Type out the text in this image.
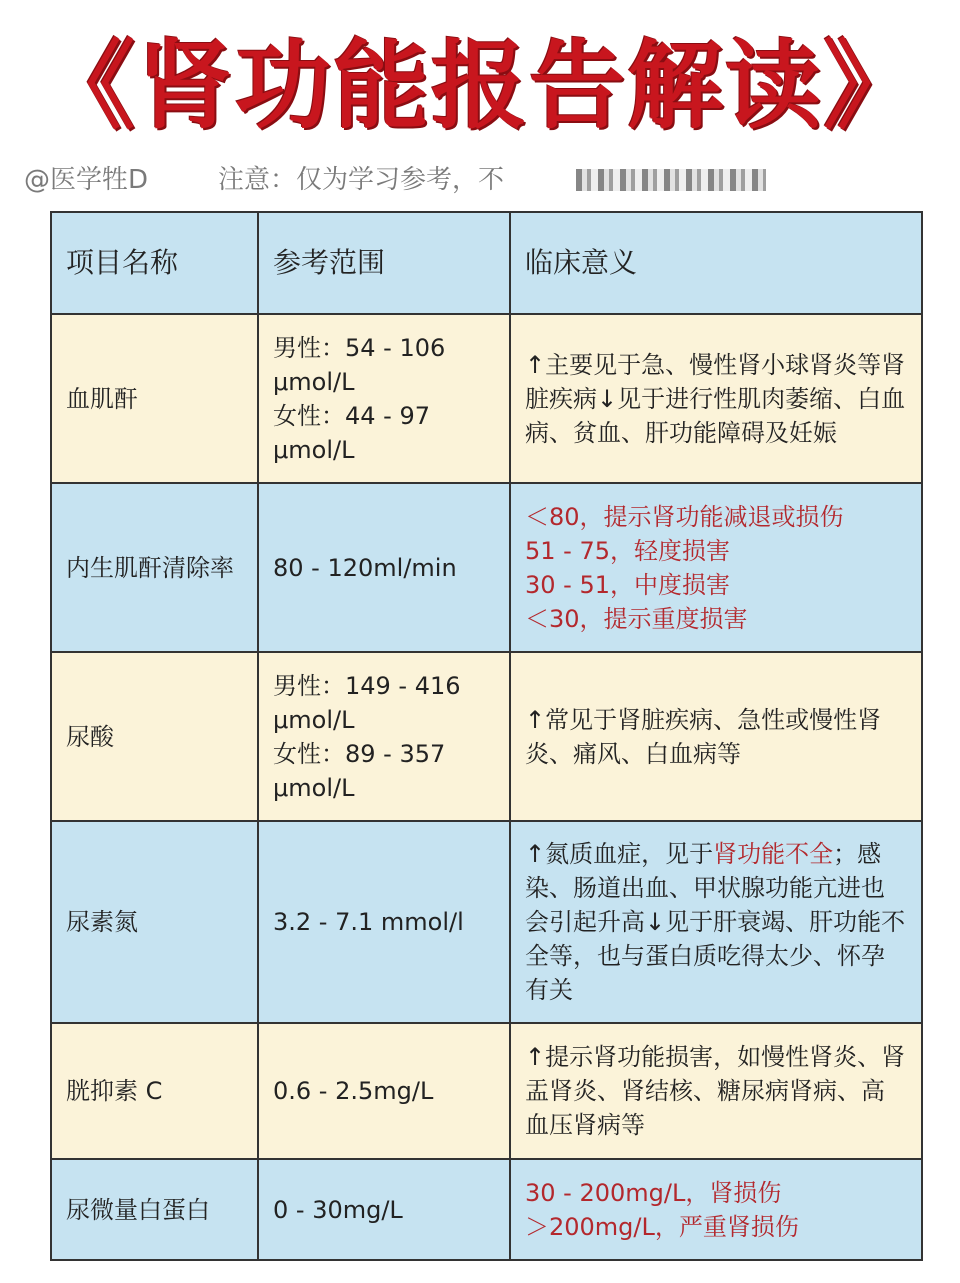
《肾功能报告解读》
@医学牲D	注意：仅为学习参考，不
项目名称	参考范围	临床意义
血肌酐	男性：54 - 106
μmol/L
女性：44 - 97
μmol/L	↑主要见于急、慢性肾小球肾炎等肾脏疾病↓见于进行性肌肉萎缩、白血病、贫血、肝功能障碍及妊娠

内生肌酐清除率	80 - 120ml/min	＜80，提示肾功能减退或损伤
51 - 75，轻度损害
30 - 51，中度损害
＜30，提示重度损害

尿酸	男性：149 - 416
μmol/L
女性：89 - 357
μmol/L	↑常见于肾脏疾病、急性或慢性肾炎、痛风、白血病等

尿素氮	3.2 - 7.1 mmol/l	↑氮质血症，见于肾功能不全；感染、肠道出血、甲状腺功能亢进也会引起升高↓见于肝衰竭、肝功能不全等，也与蛋白质吃得太少、怀孕有关
胱抑素 C	0.6 - 2.5mg/L	↑提示肾功能损害，如慢性肾炎、肾盂肾炎、肾结核、糖尿病肾病、高血压肾病等

尿微量白蛋白	0 - 30mg/L	30 - 200mg/L，肾损伤
＞200mg/L，严重肾损伤
